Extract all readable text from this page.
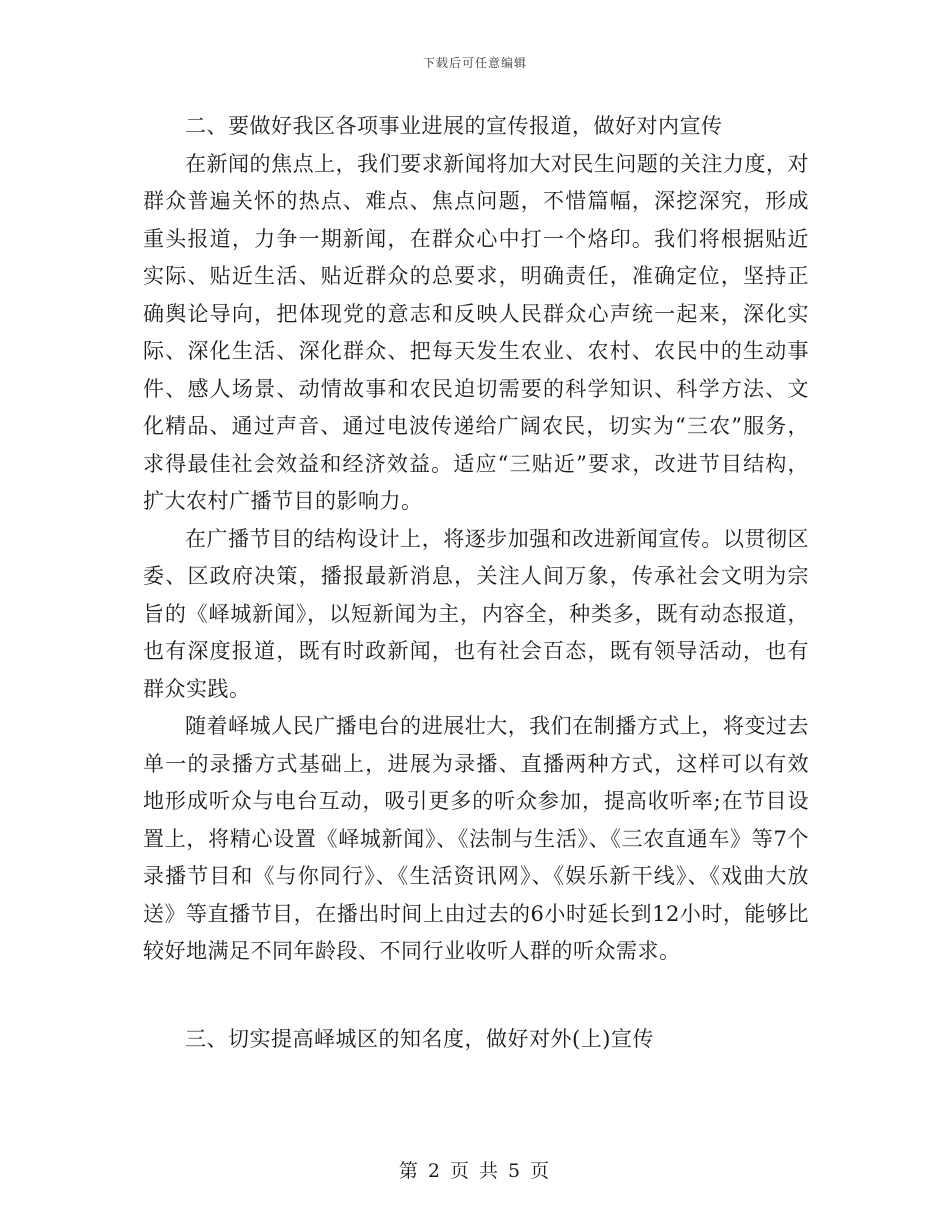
下载后可任意编辑

二、要做好我区各项事业进展的宣传报道，做好对内宣传

在新闻的焦点上，我们要求新闻将加大对民生问题的关注力度，对群众普遍关怀的热点、难点、焦点问题，不惜篇幅，深挖深究，形成重头报道，力争一期新闻，在群众心中打一个烙印。我们将根据贴近实际、贴近生活、贴近群众的总要求，明确责任，准确定位，坚持正确舆论导向，把体现党的意志和反映人民群众心声统一起来，深化实际、深化生活、深化群众、把每天发生农业、农村、农民中的生动事件、感人场景、动情故事和农民迫切需要的科学知识、科学方法、文化精品、通过声音、通过电波传递给广阔农民，切实为“三农”服务，求得最佳社会效益和经济效益。适应“三贴近”要求，改进节目结构，扩大农村广播节目的影响力。

在广播节目的结构设计上，将逐步加强和改进新闻宣传。以贯彻区委、区政府决策，播报最新消息，关注人间万象，传承社会文明为宗旨的《峄城新闻》，以短新闻为主，内容全，种类多，既有动态报道，也有深度报道，既有时政新闻，也有社会百态，既有领导活动，也有群众实践。

随着峄城人民广播电台的进展壮大，我们在制播方式上，将变过去单一的录播方式基础上，进展为录播、直播两种方式，这样可以有效地形成听众与电台互动，吸引更多的听众参加，提高收听率;在节目设置上，将精心设置《峄城新闻》、《法制与生活》、《三农直通车》等7个录播节目和《与你同行》、《生活资讯网》、《娱乐新干线》、《戏曲大放送》等直播节目，在播出时间上由过去的6小时延长到12小时，能够比较好地满足不同年龄段、不同行业收听人群的听众需求。

三、切实提高峄城区的知名度，做好对外(上)宣传

第 2 页 共 5 页
